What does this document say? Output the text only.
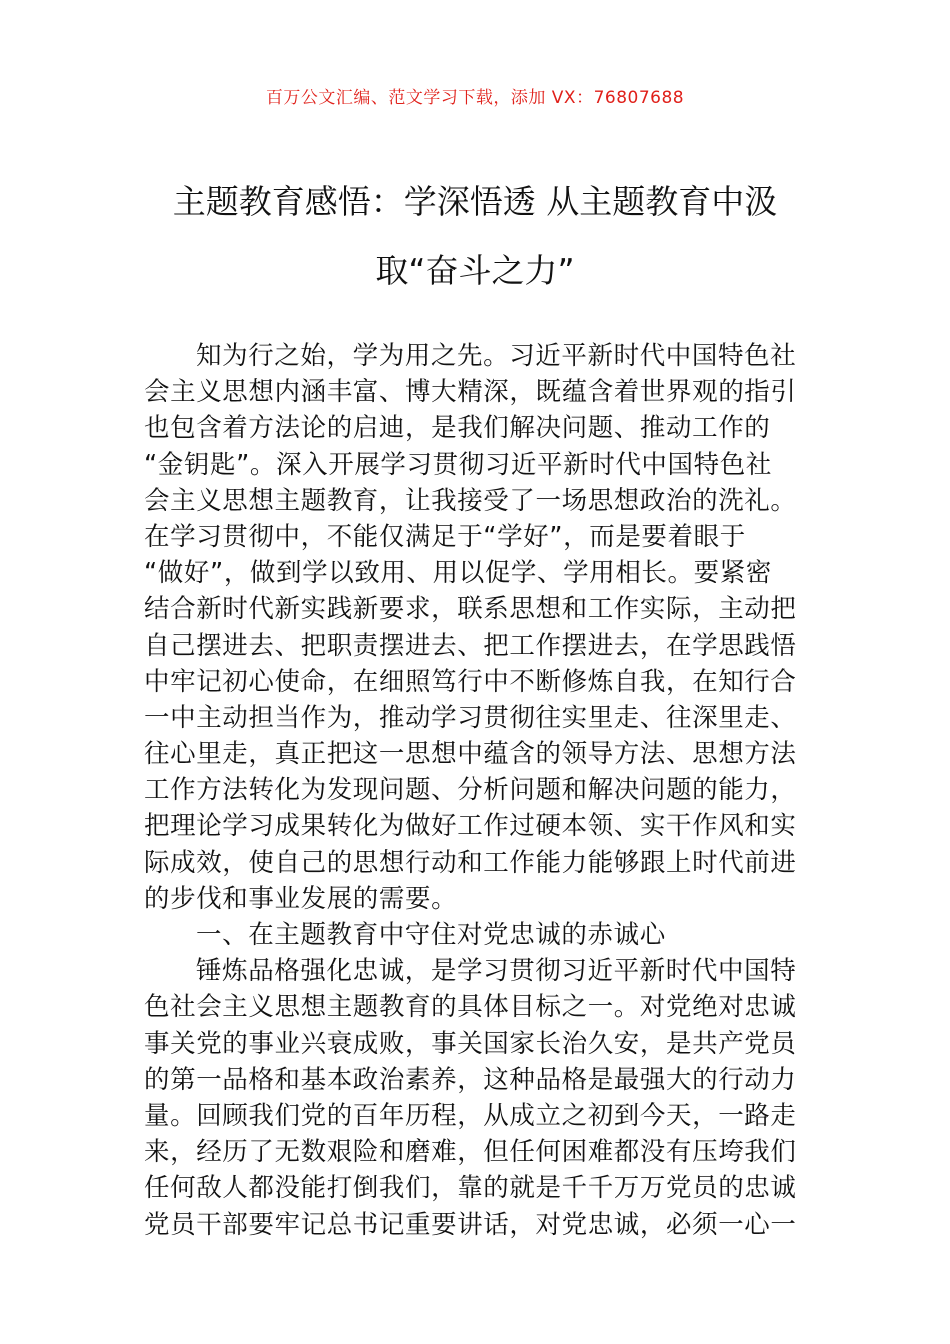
百万公文汇编、范文学习下载，添加 VX：76807688
主题教育感悟：学深悟透 从主题教育中汲
取“奋斗之力”
知为行之始，学为用之先。习近平新时代中国特色社
会主义思想内涵丰富、博大精深，既蕴含着世界观的指引
也包含着方法论的启迪，是我们解决问题、推动工作的
“金钥匙”。深入开展学习贯彻习近平新时代中国特色社
会主义思想主题教育，让我接受了一场思想政治的洗礼。
在学习贯彻中，不能仅满足于“学好”，而是要着眼于
“做好”，做到学以致用、用以促学、学用相长。要紧密
结合新时代新实践新要求，联系思想和工作实际，主动把
自己摆进去、把职责摆进去、把工作摆进去，在学思践悟
中牢记初心使命，在细照笃行中不断修炼自我，在知行合
一中主动担当作为，推动学习贯彻往实里走、往深里走、
往心里走，真正把这一思想中蕴含的领导方法、思想方法
工作方法转化为发现问题、分析问题和解决问题的能力，
把理论学习成果转化为做好工作过硬本领、实干作风和实
际成效，使自己的思想行动和工作能力能够跟上时代前进
的步伐和事业发展的需要。
一、在主题教育中守住对党忠诚的赤诚心
锤炼品格强化忠诚，是学习贯彻习近平新时代中国特
色社会主义思想主题教育的具体目标之一。对党绝对忠诚
事关党的事业兴衰成败，事关国家长治久安，是共产党员
的第一品格和基本政治素养，这种品格是最强大的行动力
量。回顾我们党的百年历程，从成立之初到今天，一路走
来，经历了无数艰险和磨难，但任何困难都没有压垮我们
任何敌人都没能打倒我们，靠的就是千千万万党员的忠诚
党员干部要牢记总书记重要讲话，对党忠诚，必须一心一
